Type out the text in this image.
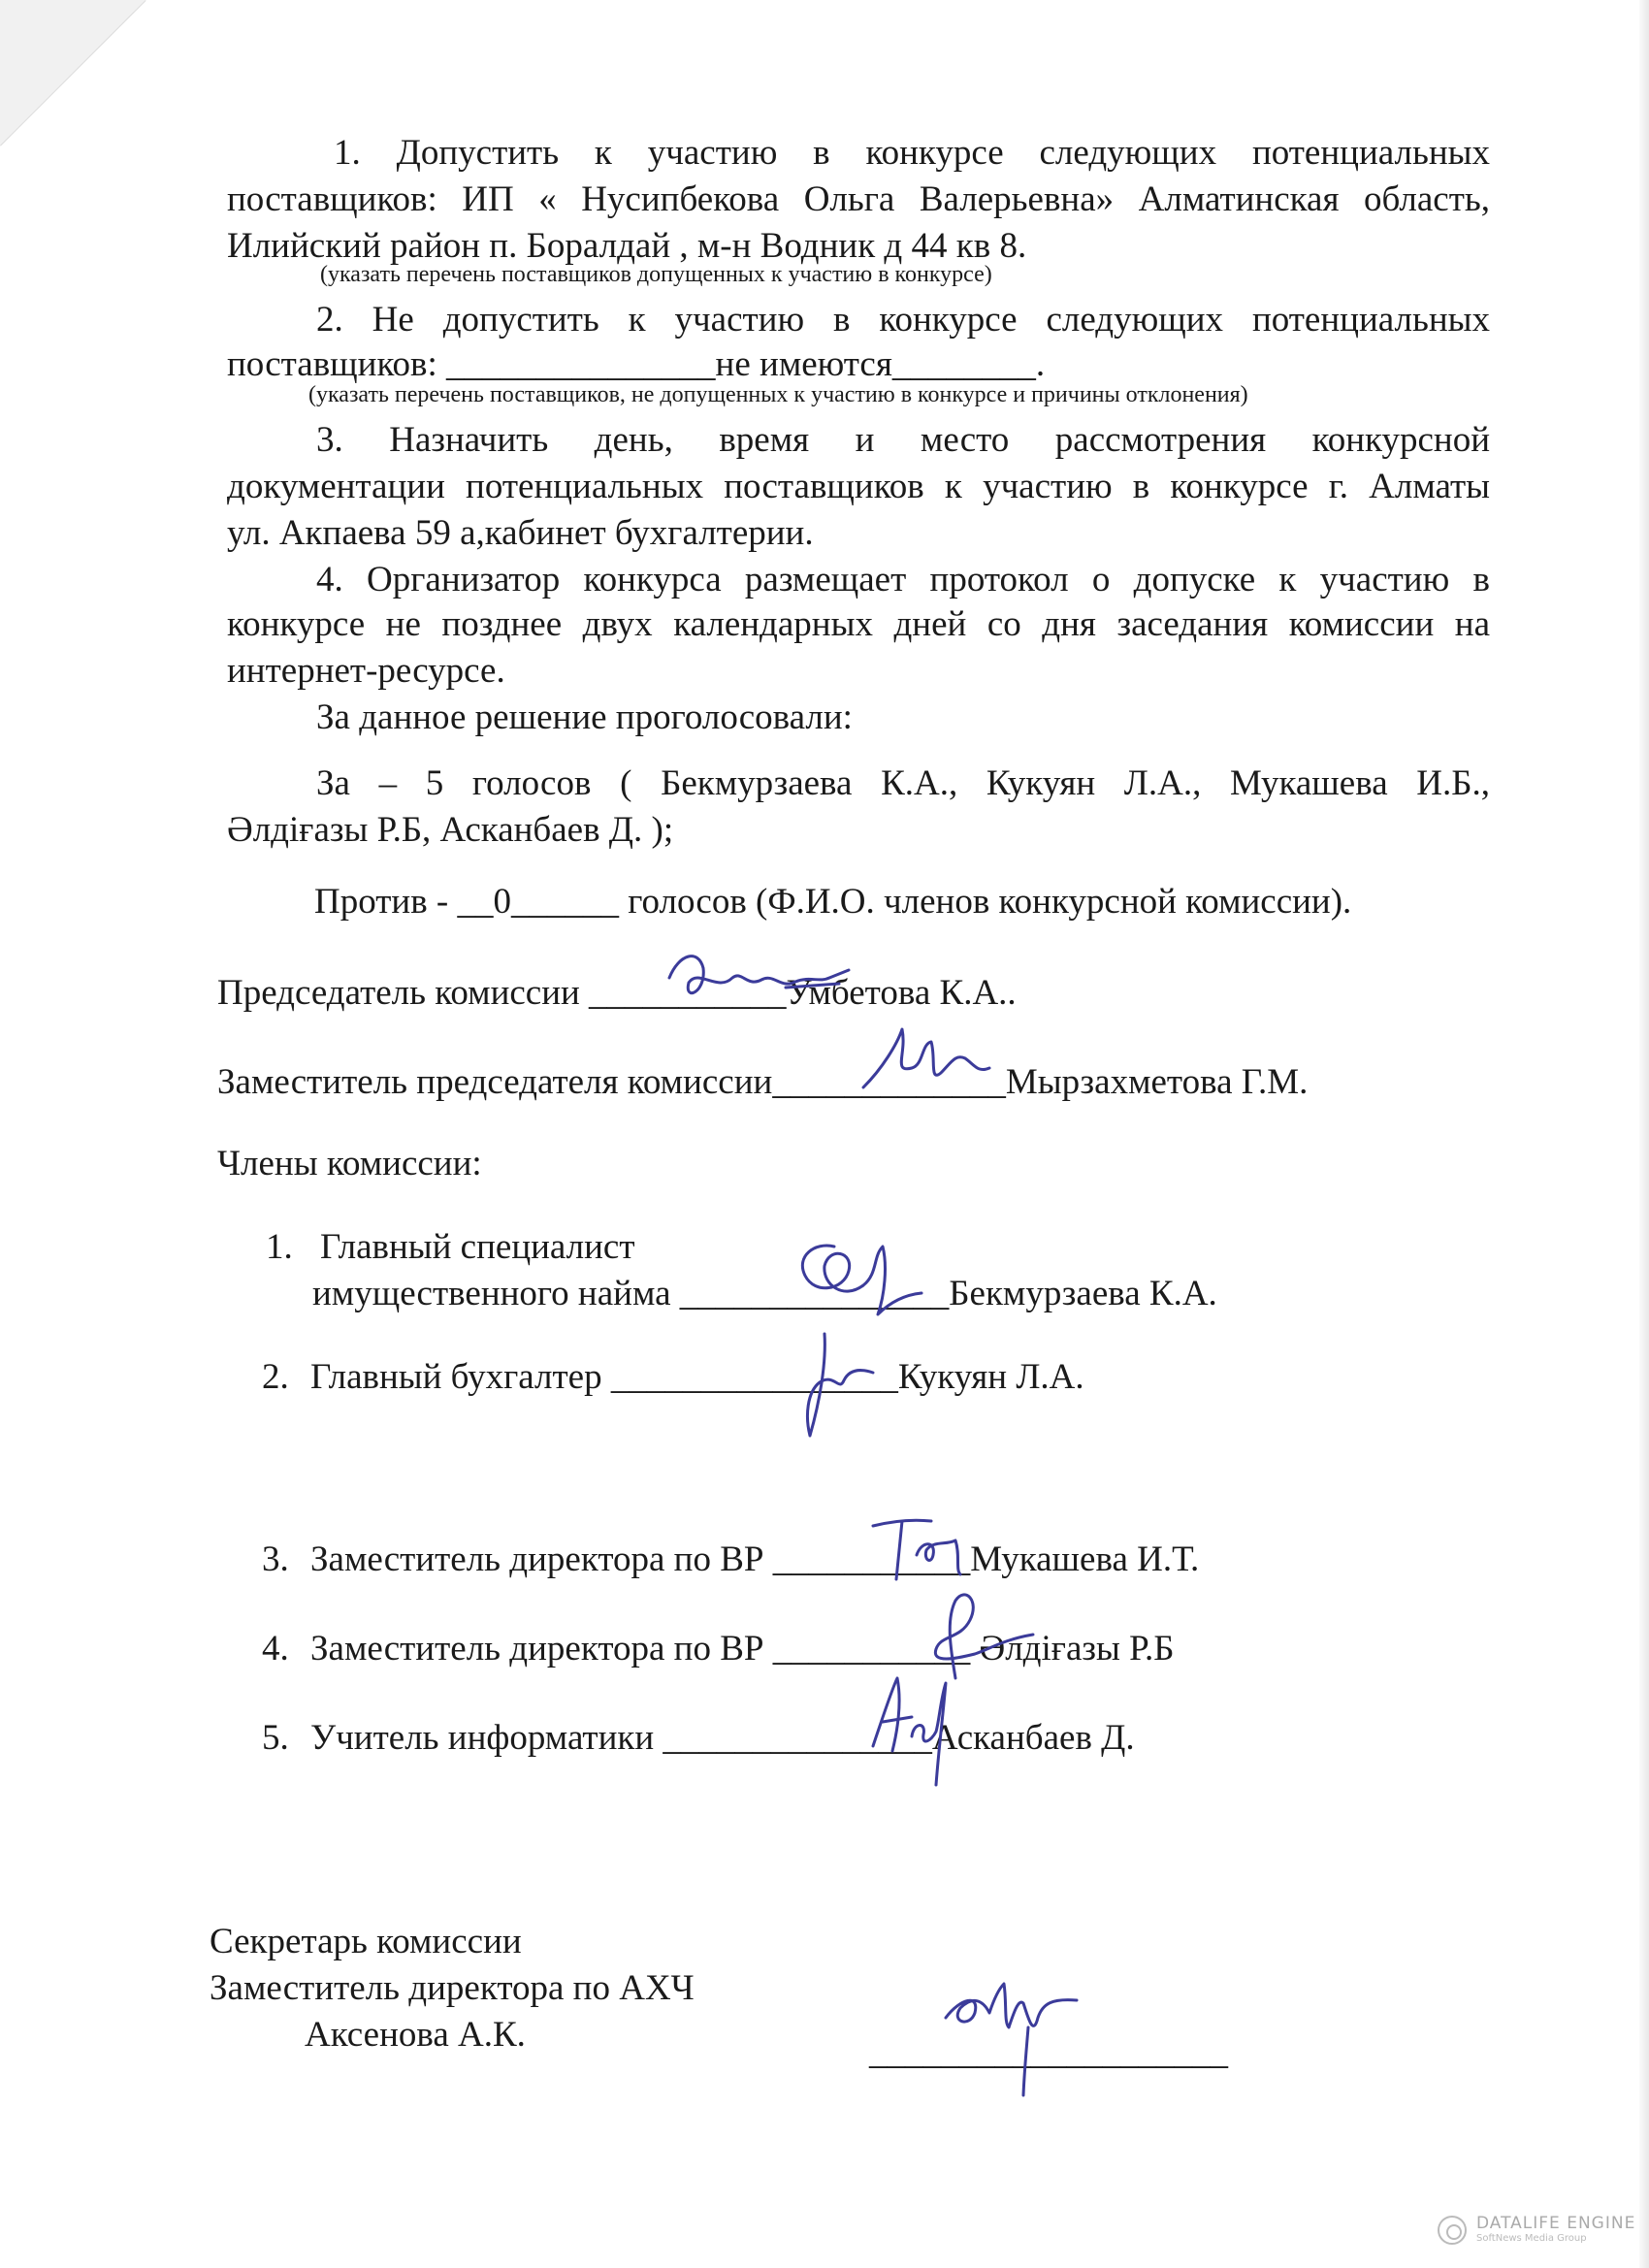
1. Допустить к участию в конкурсе следующих потенциальных
поставщиков: ИП « Нусипбекова Ольга Валерьевна» Алматинская область,
Илийский район п. Боралдай , м-н Водник д 44 кв 8.
(указать перечень поставщиков допущенных к участию в конкурсе)
2. Не допустить к участию в конкурсе следующих потенциальных
поставщиков: _______________не имеются________.
(указать перечень поставщиков, не допущенных к участию в конкурсе и причины отклонения)
3. Назначить день, время и место рассмотрения конкурсной
документации потенциальных поставщиков к участию в конкурсе г. Алматы
ул. Акпаева 59 а,кабинет бухгалтерии.
4. Организатор конкурса размещает протокол о допуске к участию в
конкурсе не позднее двух календарных дней со дня заседания комиссии на
интернет-ресурсе.
За данное решение проголосовали:
За – 5 голосов ( Бекмурзаева К.А., Кукуян Л.А., Мукашева И.Б.,
Әлдiғазы Р.Б, Асканбаев Д. );
Против - __0______ голосов (Ф.И.О. членов конкурсной комиссии).
Председатель комиссии ___________Умбетова К.А..
Заместитель председателя комиссии_____________Мырзахметова Г.М.
Члены комиссии:
1. Главный специалист
имущественного найма _______________Бекмурзаева К.А.
2. Главный бухгалтер ________________Кукуян Л.А.
3. Заместитель директора по ВР ___________Мукашева И.Т.
4. Заместитель директора по ВР ___________ Әлдiғазы Р.Б
5. Учитель информатики _______________Асканбаев Д.
Секретарь комиссии
Заместитель директора по АХЧ
Аксенова А.К.	____________________
DATALIFE ENGINE
SoftNews Media Group
